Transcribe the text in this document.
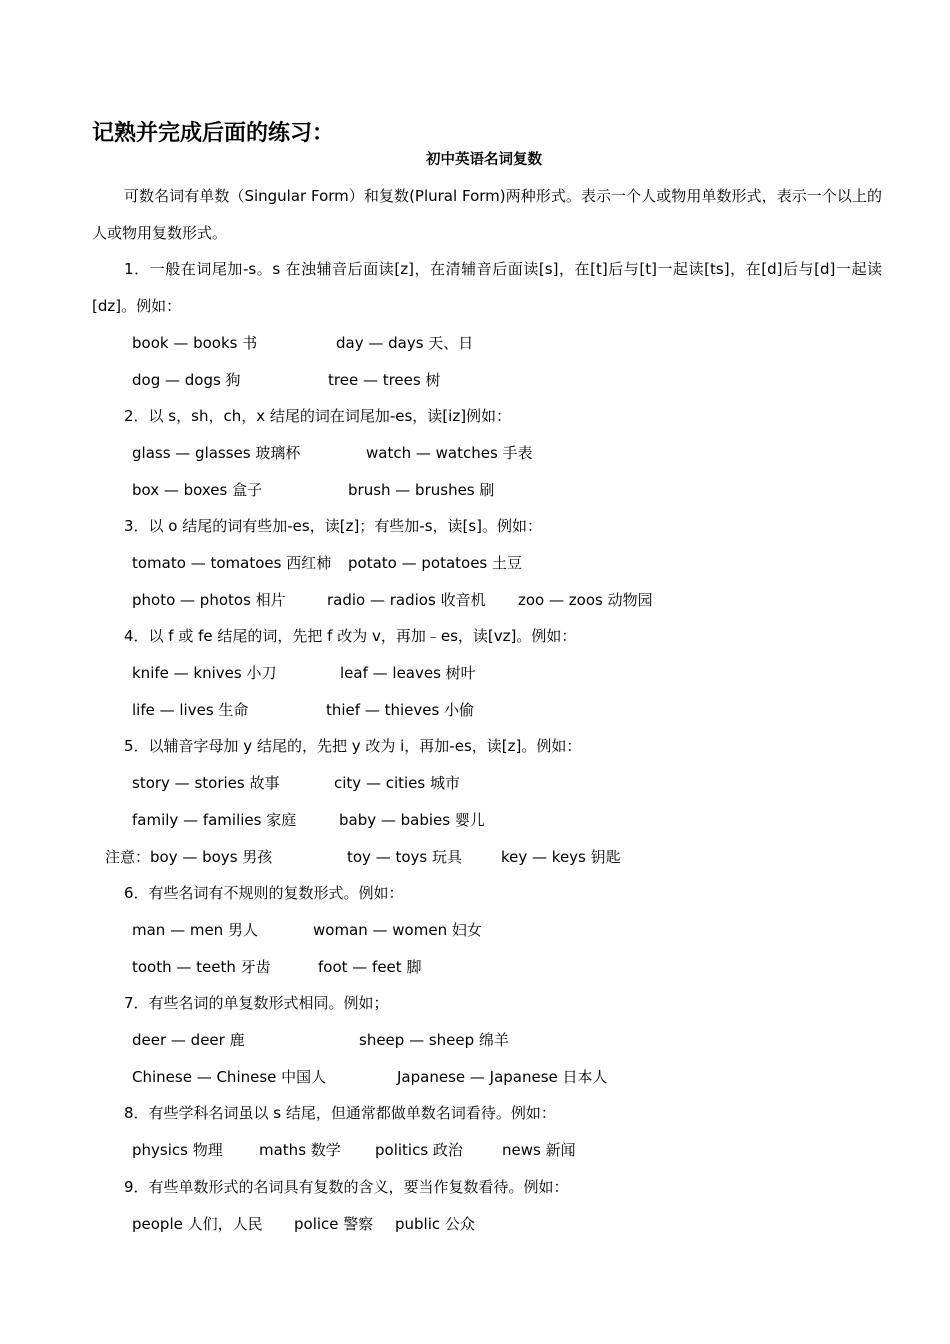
记熟并完成后面的练习：
初中英语名词复数
可数名词有单数（Singular Form）和复数(Plural Form)两种形式。表示一个人或物用单数形式，表示一个以上的人或物用复数形式。
1．一般在词尾加-s。s 在浊辅音后面读[z]，在清辅音后面读[s]，在[t]后与[t]一起读[ts]，在[d]后与[d]一起读[dz]。例如：
book — books 书	day — days 天、日
dog — dogs 狗	tree — trees 树
2．以 s，sh，ch，x 结尾的词在词尾加-es，读[iz]例如：
glass — glasses 玻璃杯	watch — watches 手表
box — boxes 盒子	brush — brushes 刷
3．以 o 结尾的词有些加-es，读[z]；有些加-s，读[s]。例如：
tomato — tomatoes 西红柿 potato — potatoes 土豆
photo — photos 相片	radio — radios 收音机 zoo — zoos 动物园
4．以 f 或 fe 结尾的词，先把 f 改为 v，再加﹣es，读[vz]。例如：
knife — knives 小刀	leaf — leaves 树叶
life — lives 生命	thief — thieves 小偷
5．以辅音字母加 y 结尾的，先把 y 改为 i，再加-es，读[z]。例如：
story — stories 故事	city — cities 城市
family — families 家庭	baby — babies 婴儿
注意：boy — boys 男孩	toy — toys 玩具	key — keys 钥匙
6．有些名词有不规则的复数形式。例如：
man — men 男人	woman — women 妇女
tooth — teeth 牙齿	foot — feet 脚
7．有些名词的单复数形式相同。例如；
deer — deer 鹿	sheep — sheep 绵羊
Chinese — Chinese 中国人	Japanese — Japanese 日本人
8．有些学科名词虽以 s 结尾，但通常都做单数名词看待。例如：
physics 物理 maths 数学 politics 政治	news 新闻
9．有些单数形式的名词具有复数的含义，要当作复数看待。例如：
people 人们，人民 police 警察 public 公众
